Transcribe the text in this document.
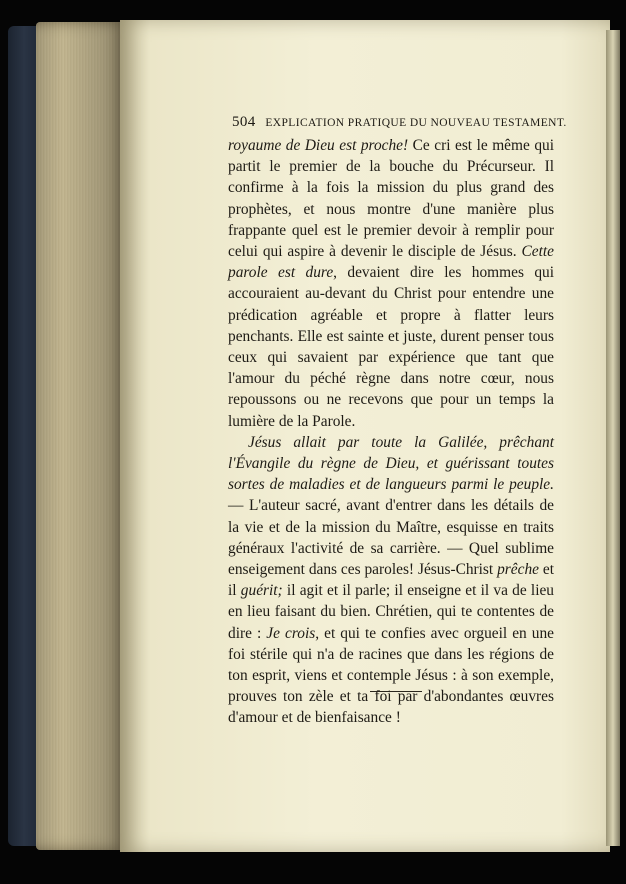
504 EXPLICATION PRATIQUE DU NOUVEAU TESTAMENT.

royaume de Dieu est proche! Ce cri est le même qui partit le premier de la bouche du Précurseur. Il confirme à la fois la mission du plus grand des prophètes, et nous montre d'une manière plus frappante quel est le premier devoir à remplir pour celui qui aspire à devenir le disciple de Jésus. Cette parole est dure, devaient dire les hommes qui accouraient au-devant du Christ pour entendre une prédication agréable et propre à flatter leurs penchants. Elle est sainte et juste, durent penser tous ceux qui savaient par expérience que tant que l'amour du péché règne dans notre cœur, nous repoussons ou ne recevons que pour un temps la lumière de la Parole.

Jésus allait par toute la Galilée, prêchant l'Évangile du règne de Dieu, et guérissant toutes sortes de maladies et de langueurs parmi le peuple. — L'auteur sacré, avant d'entrer dans les détails de la vie et de la mission du Maître, esquisse en traits généraux l'activité de sa carrière. — Quel sublime enseigement dans ces paroles! Jésus-Christ prêche et il guérit; il agit et il parle; il enseigne et il va de lieu en lieu faisant du bien. Chrétien, qui te contentes de dire : Je crois, et qui te confies avec orgueil en une foi stérile qui n'a de racines que dans les régions de ton esprit, viens et contemple Jésus : à son exemple, prouves ton zèle et ta foi par d'abondantes œuvres d'amour et de bienfaisance !
